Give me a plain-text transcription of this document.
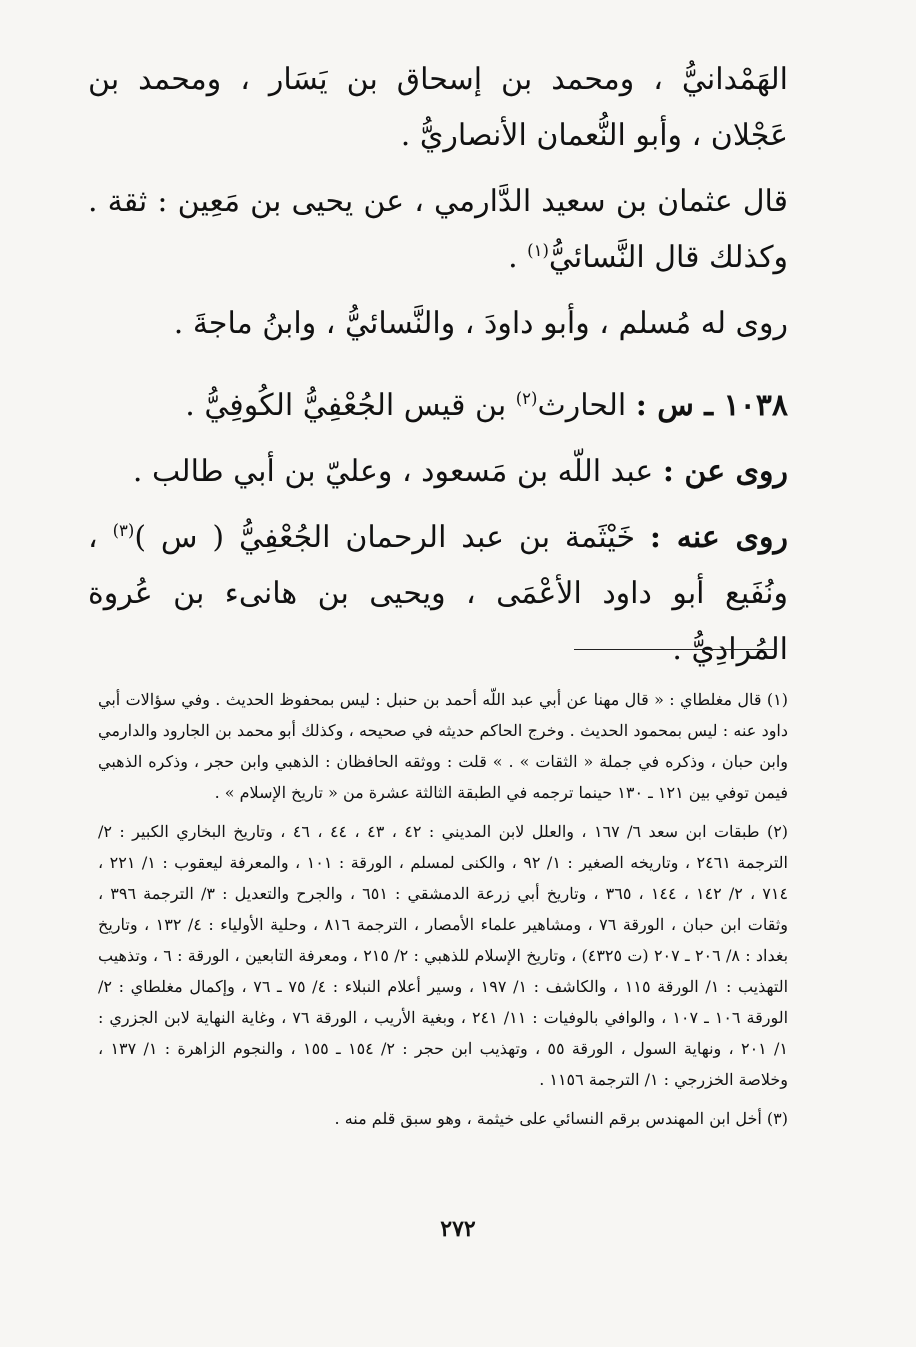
الهَمْدانيُّ ، ومحمد بن إسحاق بن يَسَار ، ومحمد بن عَجْلان ، وأبو النُّعمان الأنصاريُّ .

قال عثمان بن سعيد الدَّارمي ، عن يحيى بن مَعِين : ثقة . وكذلك قال النَّسائيُّ$^{(١)}$ .

روى له مُسلم ، وأبو داودَ ، والنَّسائيُّ ، وابنُ ماجةَ .

١٠٣٨ ـ س : الحارث$^{(٢)}$ بن قيس الجُعْفِيُّ الكُوفِيُّ .

روى عن : عبد اللّه بن مَسعود ، وعليّ بن أبي طالب .

روى عنه : خَيْثَمة بن عبد الرحمان الجُعْفِيُّ ( س )$^{(٣)}$ ، ونُفَيع أبو داود الأعْمَى ، ويحيى بن هانىء بن عُروة المُرادِيُّ .

(١) قال مغلطاي : « قال مهنا عن أبي عبد اللّه أحمد بن حنبل : ليس بمحفوظ الحديث . وفي سؤالات أبي داود عنه : ليس بمحمود الحديث . وخرج الحاكم حديثه في صحيحه ، وكذلك أبو محمد بن الجارود والدارمي وابن حبان ، وذكره في جملة « الثقات » . » قلت : ووثقه الحافظان : الذهبي وابن حجر ، وذكره الذهبي فيمن توفي بين ١٢١ ـ ١٣٠ حينما ترجمه في الطبقة الثالثة عشرة من « تاريخ الإسلام » .

(٢) طبقات ابن سعد ٦/ ١٦٧ ، والعلل لابن المديني : ٤٢ ، ٤٣ ، ٤٤ ، ٤٦ ، وتاريخ البخاري الكبير : ٢/ الترجمة ٢٤٦١ ، وتاريخه الصغير : ١/ ٩٢ ، والكنى لمسلم ، الورقة : ١٠١ ، والمعرفة ليعقوب : ١/ ٢٢١ ، ٧١٤ ، ٢/ ١٤٢ ، ١٤٤ ، ٣٦٥ ، وتاريخ أبي زرعة الدمشقي : ٦٥١ ، والجرح والتعديل : ٣/ الترجمة ٣٩٦ ، وثقات ابن حبان ، الورقة ٧٦ ، ومشاهير علماء الأمصار ، الترجمة ٨١٦ ، وحلية الأولياء : ٤/ ١٣٢ ، وتاريخ بغداد : ٨/ ٢٠٦ ـ ٢٠٧ (ت ٤٣٢٥) ، وتاريخ الإسلام للذهبي : ٢/ ٢١٥ ، ومعرفة التابعين ، الورقة : ٦ ، وتذهيب التهذيب : ١/ الورقة ١١٥ ، والكاشف : ١/ ١٩٧ ، وسير أعلام النبلاء : ٤/ ٧٥ ـ ٧٦ ، وإكمال مغلطاي : ٢/ الورقة ١٠٦ ـ ١٠٧ ، والوافي بالوفيات : ١١/ ٢٤١ ، وبغية الأريب ، الورقة ٧٦ ، وغاية النهاية لابن الجزري : ١/ ٢٠١ ، ونهاية السول ، الورقة ٥٥ ، وتهذيب ابن حجر : ٢/ ١٥٤ ـ ١٥٥ ، والنجوم الزاهرة : ١/ ١٣٧ ، وخلاصة الخزرجي : ١/ الترجمة ١١٥٦ .

(٣) أخل ابن المهندس برقم النسائي على خيثمة ، وهو سبق قلم منه .

٢٧٢
